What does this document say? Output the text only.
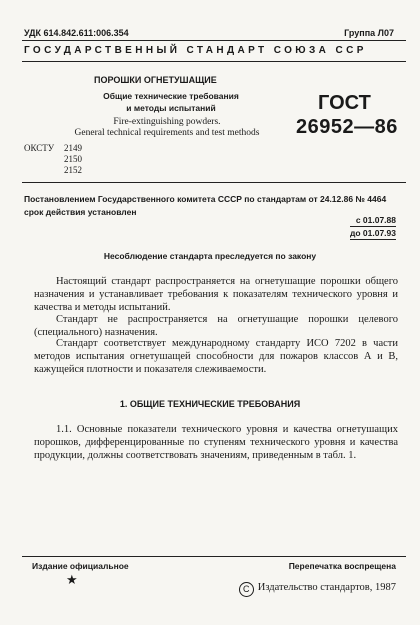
УДК 614.842.611:006.354	Группа Л07
ГОСУДАРСТВЕННЫЙ СТАНДАРТ СОЮЗА ССР
ПОРОШКИ ОГНЕТУШАЩИЕ
Общие технические требования
и методы испытаний
Fire-extinguishing powders.
General technical requirements and test methods
ГОСТ
26952—86
ОКСТУ 2149
2150
2152
Постановлением Государственного комитета СССР по стандартам от 24.12.86 № 4464 срок действия установлен
с 01.07.88
до 01.07.93
Несоблюдение стандарта преследуется по закону
Настоящий стандарт распространяется на огнетушащие порошки общего назначения и устанавливает требования к показателям технического уровня и качества и методы испытаний.
Стандарт не распространяется на огнетушащие порошки целевого (специального) назначения.
Стандарт соответствует международному стандарту ИСО 7202 в части методов испытания огнетушащей способности для пожаров классов А и В, кажущейся плотности и показателя слеживаемости.
1. ОБЩИЕ ТЕХНИЧЕСКИЕ ТРЕБОВАНИЯ
1.1. Основные показатели технического уровня и качества огнетушащих порошков, дифференцированные по ступеням технического уровня и качества продукции, должны соответствовать значениям, приведенным в табл. 1.
Издание официальное	Перепечатка воспрещена
★
C Издательство стандартов, 1987
